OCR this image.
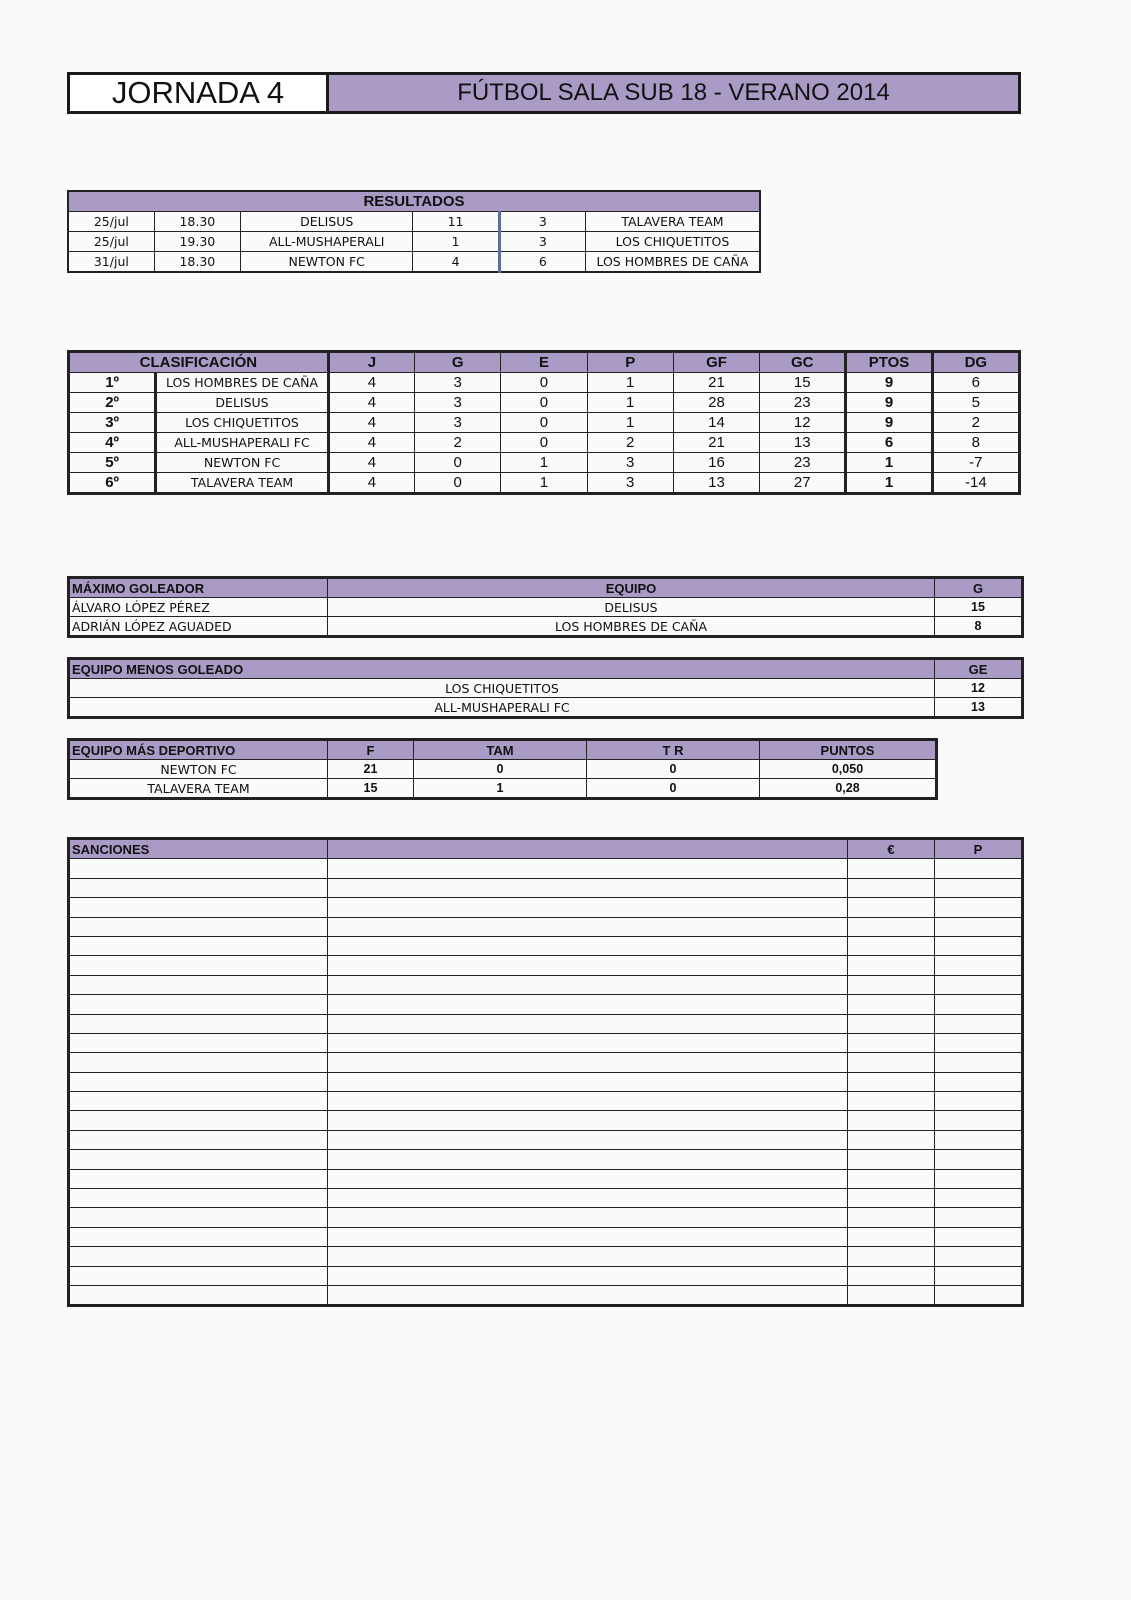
JORNADA 4	FÚTBOL SALA SUB 18 - VERANO 2014
RESULTADOS					
25/jul	18.30	DELISUS	11	3	TALAVERA TEAM
25/jul	19.30	ALL-MUSHAPERALI	1	3	LOS CHIQUETITOS
31/jul	18.30	NEWTON FC	4	6	LOS HOMBRES DE CAÑA
CLASIFICACIÓN		J	G	E	P	GF	GC	PTOS	DG
1º	LOS HOMBRES DE CAÑA	4	3	0	1	21	15	9	6
2º	DELISUS	4	3	0	1	28	23	9	5
3º	LOS CHIQUETITOS	4	3	0	1	14	12	9	2
4º	ALL-MUSHAPERALI FC	4	2	0	2	21	13	6	8
5º	NEWTON FC	4	0	1	3	16	23	1	-7
6º	TALAVERA TEAM	4	0	1	3	13	27	1	-14
MÁXIMO GOLEADOR	EQUIPO	G
ÁLVARO LÓPEZ PÉREZ	DELISUS	15
ADRIÁN LÓPEZ AGUADED	LOS HOMBRES DE CAÑA	8
EQUIPO MENOS GOLEADO	GE
LOS CHIQUETITOS	12
ALL-MUSHAPERALI FC	13
EQUIPO MÁS DEPORTIVO	F	TAM	T R	PUNTOS
NEWTON FC	21	0	0	0,050
TALAVERA TEAM	15	1	0	0,28
SANCIONES		€	P
